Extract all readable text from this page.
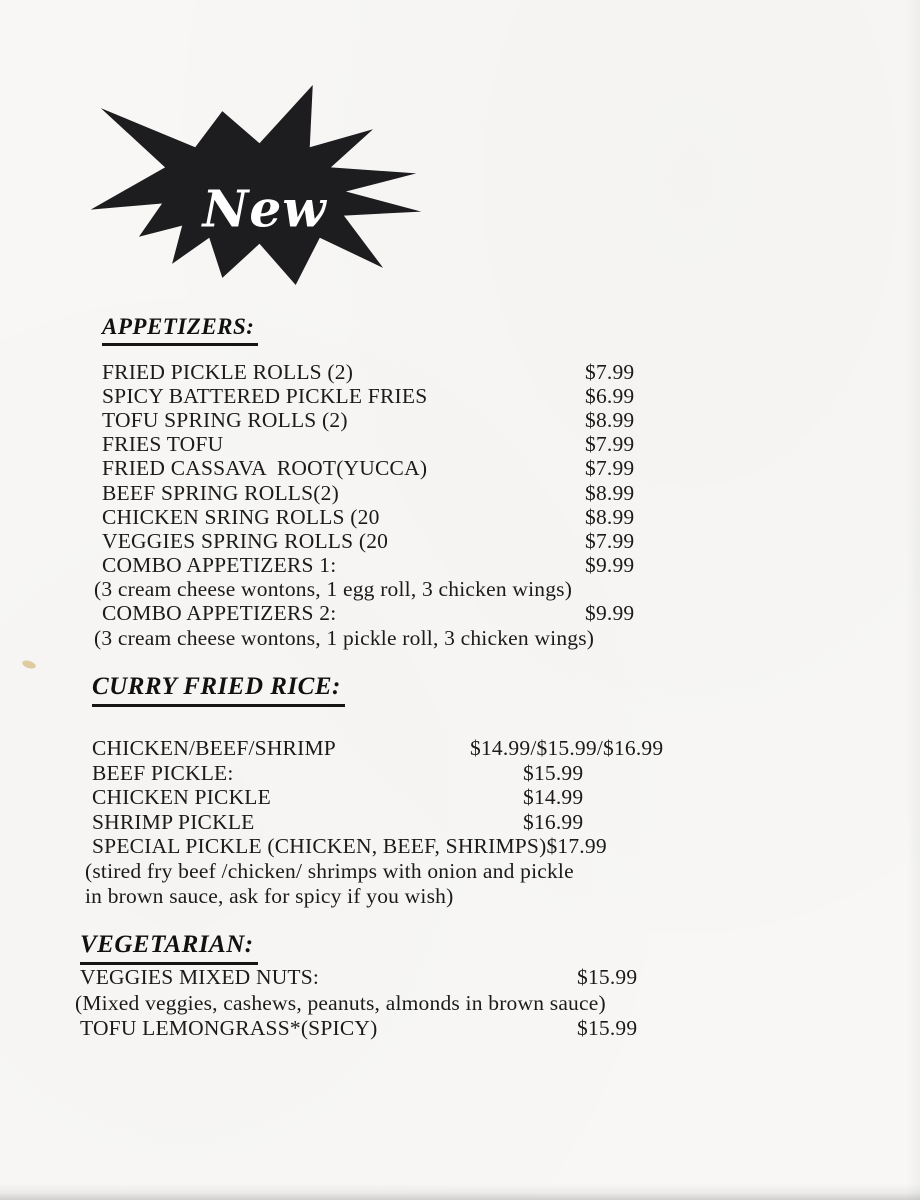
New
APPETIZERS:
FRIED PICKLE ROLLS (2)	$7.99
SPICY BATTERED PICKLE FRIES	$6.99
TOFU SPRING ROLLS (2)	$8.99
FRIES TOFU	$7.99
FRIED CASSAVA  ROOT(YUCCA)	$7.99
BEEF SPRING ROLLS(2)	$8.99
CHICKEN SRING ROLLS (20	$8.99
VEGGIES SPRING ROLLS (20	$7.99
COMBO APPETIZERS 1:	$9.99
(3 cream cheese wontons, 1 egg roll, 3 chicken wings)
COMBO APPETIZERS 2:	$9.99
(3 cream cheese wontons, 1 pickle roll, 3 chicken wings)
CURRY FRIED RICE:
CHICKEN/BEEF/SHRIMP	$14.99/$15.99/$16.99
BEEF PICKLE:	$15.99
CHICKEN PICKLE	$14.99
SHRIMP PICKLE	$16.99
SPECIAL PICKLE (CHICKEN, BEEF, SHRIMPS)$17.99
(stired fry beef /chicken/ shrimps with onion and pickle
in brown sauce, ask for spicy if you wish)
VEGETARIAN:
VEGGIES MIXED NUTS:	$15.99
(Mixed veggies, cashews, peanuts, almonds in brown sauce)
TOFU LEMONGRASS*(SPICY)	$15.99
